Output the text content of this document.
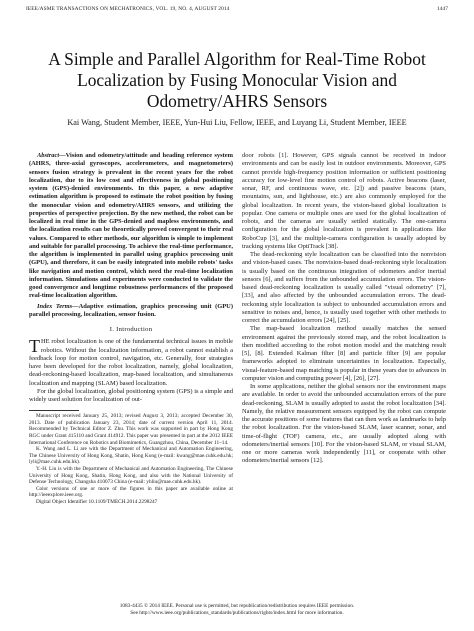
IEEE/ASME TRANSACTIONS ON MECHATRONICS, VOL. 19, NO. 4, AUGUST 2014	1447
A Simple and Parallel Algorithm for Real-Time Robot Localization by Fusing Monocular Vision and Odometry/AHRS Sensors
Kai Wang, Student Member, IEEE, Yun-Hui Liu, Fellow, IEEE, and Luyang Li, Student Member, IEEE

Abstract—Vision and odometry/attitude and heading reference system (AHRS, three-axial gyroscopes, accelerometers, and magnetometers) sensors fusion strategy is prevalent in the recent years for the robot localization, due to its low cost and effectiveness in global positioning system (GPS)-denied environments. In this paper, a new adaptive estimation algorithm is proposed to estimate the robot position by fusing the monocular vision and odometry/AHRS sensors, and utilizing the properties of perspective projection. By the new method, the robot can be localized in real time in the GPS-denied and mapless environments, and the localization results can be theoretically proved convergent to their real values. Compared to other methods, our algorithm is simple to implement and suitable for parallel processing. To achieve the real-time performance, the algorithm is implemented in parallel using graphics processing unit (GPU), and therefore, it can be easily integrated into mobile robots' tasks like navigation and motion control, which need the real-time localization information. Simulations and experiments were conducted to validate the good convergence and longtime robustness performances of the proposed real-time localization algorithm.

Index Terms—Adaptive estimation, graphics processing unit (GPU) parallel processing, localization, sensor fusion.

I. Introduction

THE robot localization is one of the fundamental technical issues in mobile robotics. Without the localization information, a robot cannot establish a feedback loop for motion control, navigation, etc. Generally, four strategies have been developed for the robot localization, namely, global localization, dead-reckoning-based localization, map-based localization, and simultaneous localization and mapping (SLAM) based localization.

For the global localization, global positioning system (GPS) is a simple and widely used solution for localization of out-

Manuscript received January 25, 2013; revised August 3, 2013; accepted December 30, 2013. Date of publication January 23, 2014; date of current version April 11, 2014. Recommended by Technical Editor Z. Zhu. This work was supported in part by Hong Kong RGC under Grant 415110 and Grant 414912. This paper was presented in part at the 2012 IEEE International Conference on Robotics and Biomimetics, Guangzhou, China, December 11–14.

K. Wang and L. Li are with the Department of Mechanical and Automation Engineering, The Chinese University of Hong Kong, Shatin, Hong Kong (e-mail: kwang@mae.cuhk.edu.hk; lyli@mae.cuhk.edu.hk).

Y.-H. Liu is with the Department of Mechanical and Automation Engineering, The Chinese University of Hong Kong, Shatin, Hong Kong, and also with the National University of Defense Technology, Changsha 410073 China (e-mail: yhliu@mae.cuhk.edu.hk).

Color versions of one or more of the figures in this paper are available online at http://ieeexplore.ieee.org.

Digital Object Identifier 10.1109/TMECH.2014.2298247

door robots [1]. However, GPS signals cannot be received in indoor environments and can be easily lost in outdoor environments. Moreover, GPS cannot provide high-frequency position information or sufficient positioning accuracy for low-level fine motion control of robots. Active beacons (laser, sonar, RF, and continuous wave, etc. [2]) and passive beacons (stars, mountains, sun, and lighthouse, etc.) are also commonly employed for the global localization. In recent years, the vision-based global localization is popular. One camera or multiple ones are used for the global localization of robots, and the cameras are usually settled statically. The one-camera configuration for the global localization is prevalent in applications like RoboCup [3], and the multiple-camera configuration is usually adopted by tracking systems like OptiTrack [38].

The dead-reckoning style localization can be classified into the nonvision and vision-based cases. The nonvision-based dead-reckoning style localization is usually based on the continuous integration of odometers and/or inertial sensors [6], and suffers from the unbounded accumulation errors. The vision-based dead-reckoning localization is usually called "visual odometry" [7], [33], and also affected by the unbounded accumulation errors. The dead-reckoning style localization is subject to unbounded accumulation errors and sensitive to noises and, hence, is usually used together with other methods to correct the accumulation errors [24], [25].

The map-based localization method usually matches the sensed environment against the previously stored map, and the robot localization is then modified according to the robot motion model and the matching result [5], [8]. Extended Kalman filter [8] and particle filter [9] are popular frameworks adopted to eliminate uncertainties in localization. Especially, visual-feature-based map matching is popular in these years due to advances in computer vision and computing power [4], [26], [27].

In some applications, neither the global sensors nor the environment maps are available. In order to avoid the unbounded accumulation errors of the pure dead-reckoning, SLAM is usually adopted to assist the robot localization [34]. Namely, the relative measurement sensors equipped by the robot can compute the accurate positions of some features that can then work as landmarks to help the robot localization. For the vision-based SLAM, laser scanner, sonar, and time-of-flight (TOF) camera, etc., are usually adopted along with odometers/inertial sensors [10]. For the vision-based SLAM, or visual SLAM, one or more cameras work independently [11], or cooperate with other odometers/inertial sensors [12].

1083-4435 © 2014 IEEE. Personal use is permitted, but republication/redistribution requires IEEE permission.
See http://www.ieee.org/publications_standards/publications/rights/index.html for more information.
